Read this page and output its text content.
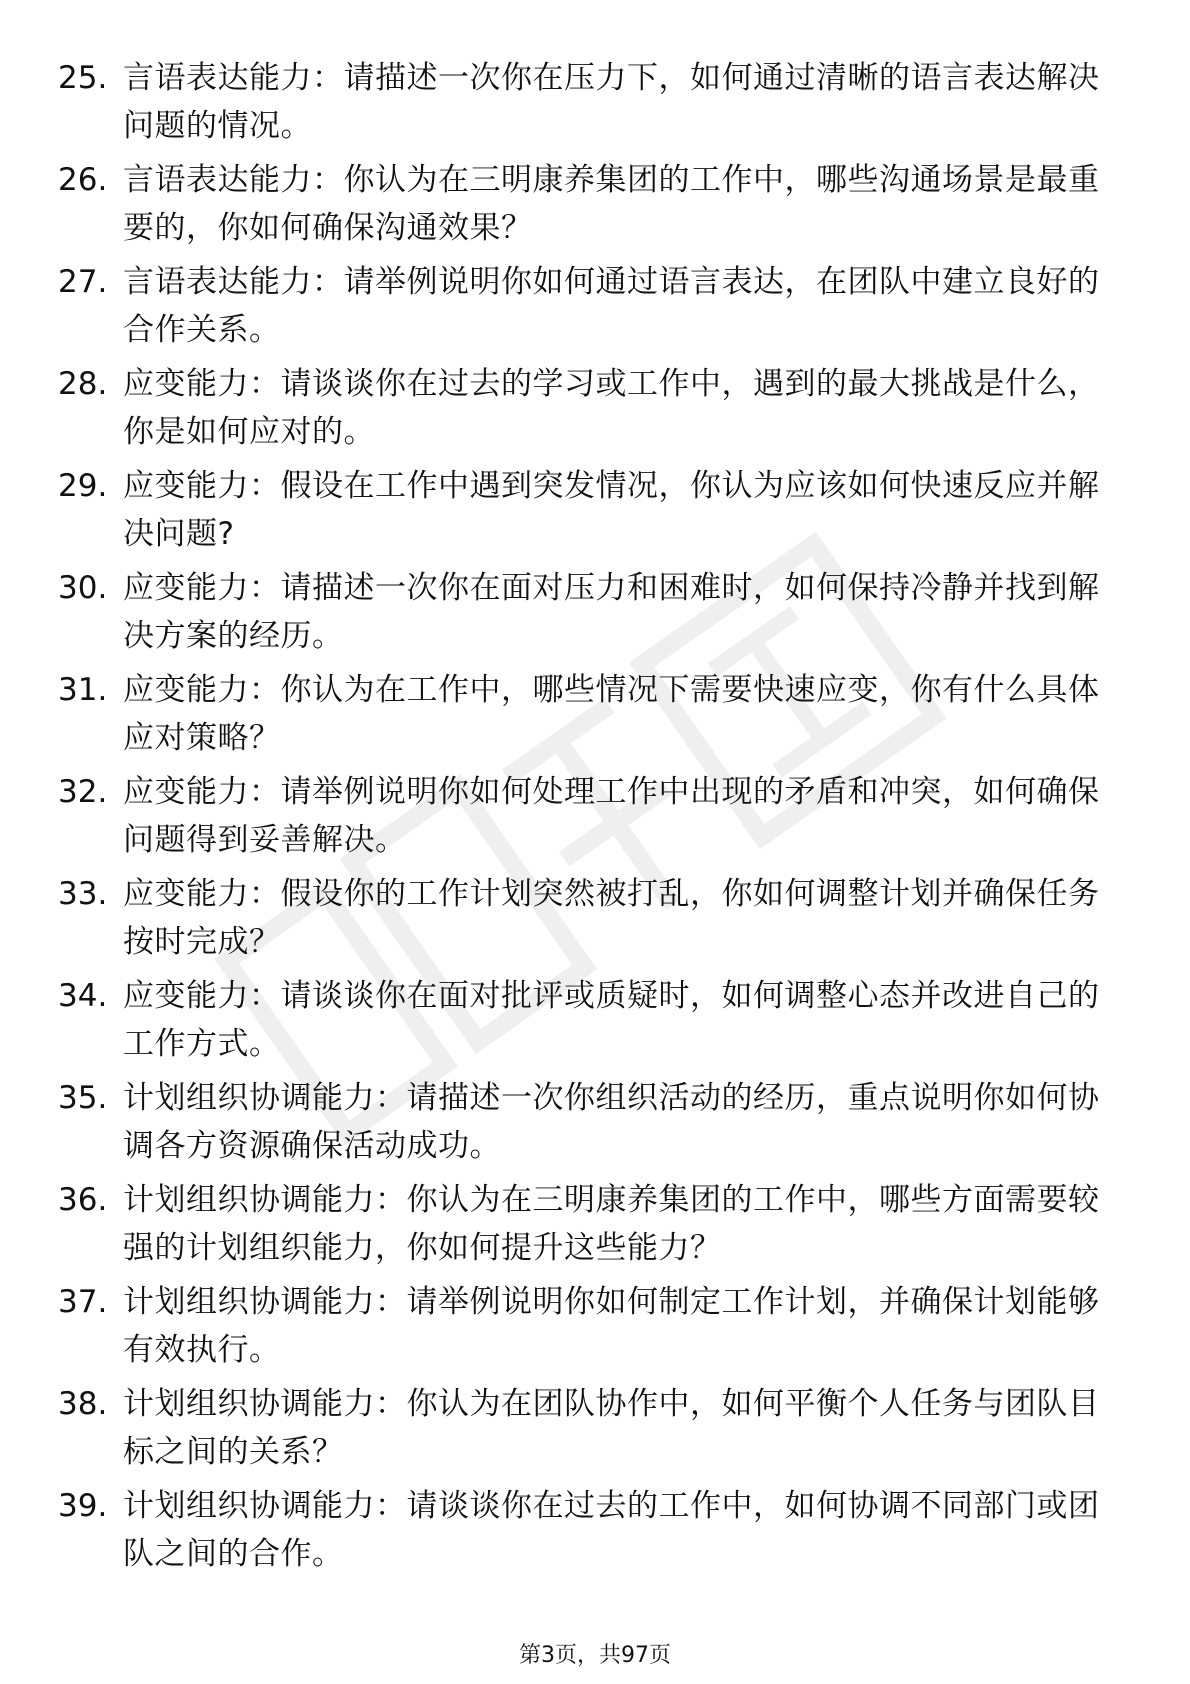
25. 言语表达能力：请描述一次你在压力下，如何通过清晰的语言表达解决问题的情况。
26. 言语表达能力：你认为在三明康养集团的工作中，哪些沟通场景是最重要的，你如何确保沟通效果？
27. 言语表达能力：请举例说明你如何通过语言表达，在团队中建立良好的合作关系。
28. 应变能力：请谈谈你在过去的学习或工作中，遇到的最大挑战是什么，你是如何应对的。
29. 应变能力：假设在工作中遇到突发情况，你认为应该如何快速反应并解决问题?
30. 应变能力：请描述一次你在面对压力和困难时，如何保持冷静并找到解决方案的经历。
31. 应变能力：你认为在工作中，哪些情况下需要快速应变，你有什么具体应对策略？
32. 应变能力：请举例说明你如何处理工作中出现的矛盾和冲突，如何确保问题得到妥善解决。
33. 应变能力：假设你的工作计划突然被打乱，你如何调整计划并确保任务按时完成？
34. 应变能力：请谈谈你在面对批评或质疑时，如何调整心态并改进自己的工作方式。
35. 计划组织协调能力：请描述一次你组织活动的经历，重点说明你如何协调各方资源确保活动成功。
36. 计划组织协调能力：你认为在三明康养集团的工作中，哪些方面需要较强的计划组织能力，你如何提升这些能力？
37. 计划组织协调能力：请举例说明你如何制定工作计划，并确保计划能够有效执行。
38. 计划组织协调能力：你认为在团队协作中，如何平衡个人任务与团队目标之间的关系？
39. 计划组织协调能力：请谈谈你在过去的工作中，如何协调不同部门或团队之间的合作。
第3页，共97页
